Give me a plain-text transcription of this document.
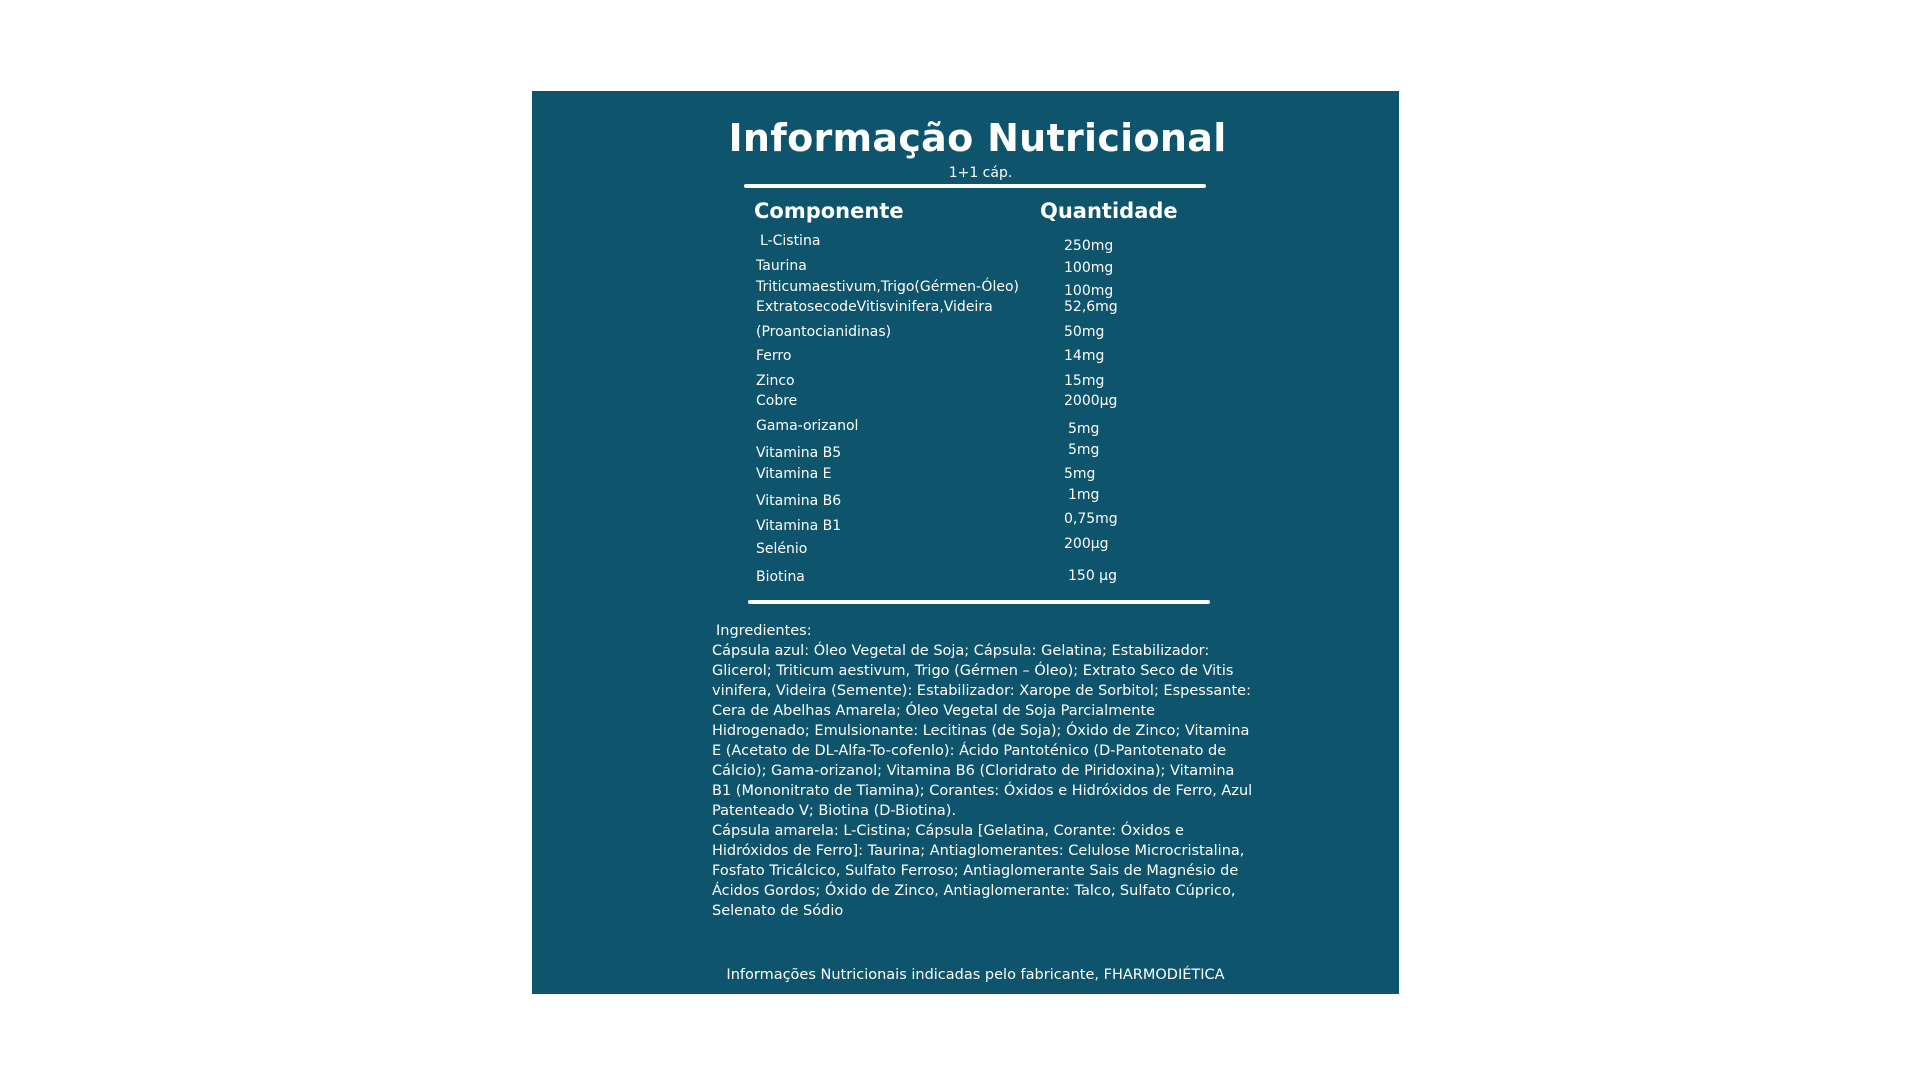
Informação Nutricional
1+1 cáp.
Componente	Quantidade
L-Cistina	250mg
Taurina	100mg
Triticumaestivum,Trigo(Gérmen-Óleo)	100mg
ExtratosecodeVitisvinifera,Videira	52,6mg
(Proantocianidinas)	50mg
Ferro	14mg
Zinco	15mg
Cobre	2000µg
Gama-orizanol	5mg
Vitamina B5	5mg
Vitamina E	5mg
Vitamina B6	1mg
Vitamina B1	0,75mg
Selénio	200µg
Biotina	150 µg

Ingredientes:

Cápsula azul: Óleo Vegetal de Soja; Cápsula: Gelatina; Estabilizador: Glicerol; Triticum aestivum, Trigo (Gérmen – Óleo); Extrato Seco de Vitis vinifera, Videira (Semente): Estabilizador: Xarope de Sorbitol; Espessante: Cera de Abelhas Amarela; Óleo Vegetal de Soja Parcialmente Hidrogenado; Emulsionante: Lecitinas (de Soja); Óxido de Zinco; Vitamina E (Acetato de DL-Alfa-To-cofenlo): Ácido Pantoténico (D-Pantotenato de Cálcio); Gama-orizanol; Vitamina B6 (Cloridrato de Piridoxina); Vitamina B1 (Mononitrato de Tiamina); Corantes: Óxidos e Hidróxidos de Ferro, Azul Patenteado V; Biotina (D-Biotina).

Cápsula amarela: L-Cistina; Cápsula [Gelatina, Corante: Óxidos e Hidróxidos de Ferro]: Taurina; Antiaglomerantes: Celulose Microcristalina, Fosfato Tricálcico, Sulfato Ferroso; Antiaglomerante Sais de Magnésio de Ácidos Gordos; Óxido de Zinco, Antiaglomerante: Talco, Sulfato Cúprico, Selenato de Sódio

Informações Nutricionais indicadas pelo fabricante, FHARMODIÉTICA
